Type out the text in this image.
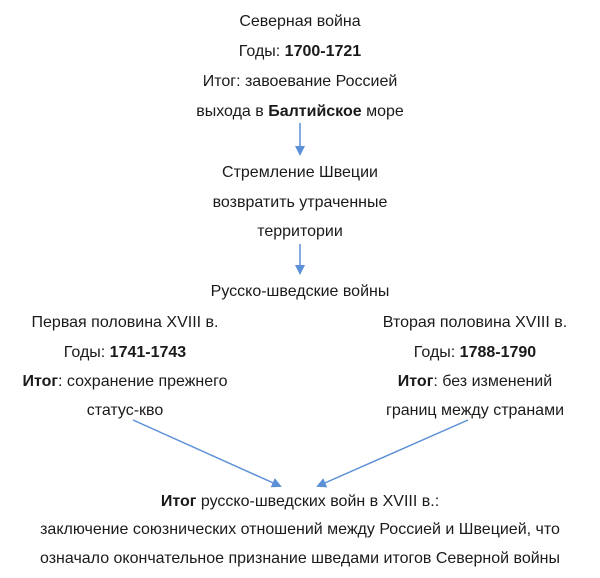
Северная война
Годы: 1700-1721
Итог: завоевание Россией
выхода в Балтийское море
Стремление Швеции
возвратить утраченные
территории
Русско-шведские войны
Первая половина XVIII в.
Годы: 1741-1743
Итог: сохранение прежнего
статус-кво
Вторая половина XVIII в.
Годы: 1788-1790
Итог: без изменений
границ между странами
Итог русско-шведских войн в XVIII в.:
заключение союзнических отношений между Россией и Швецией, что
означало окончательное признание шведами итогов Северной войны
